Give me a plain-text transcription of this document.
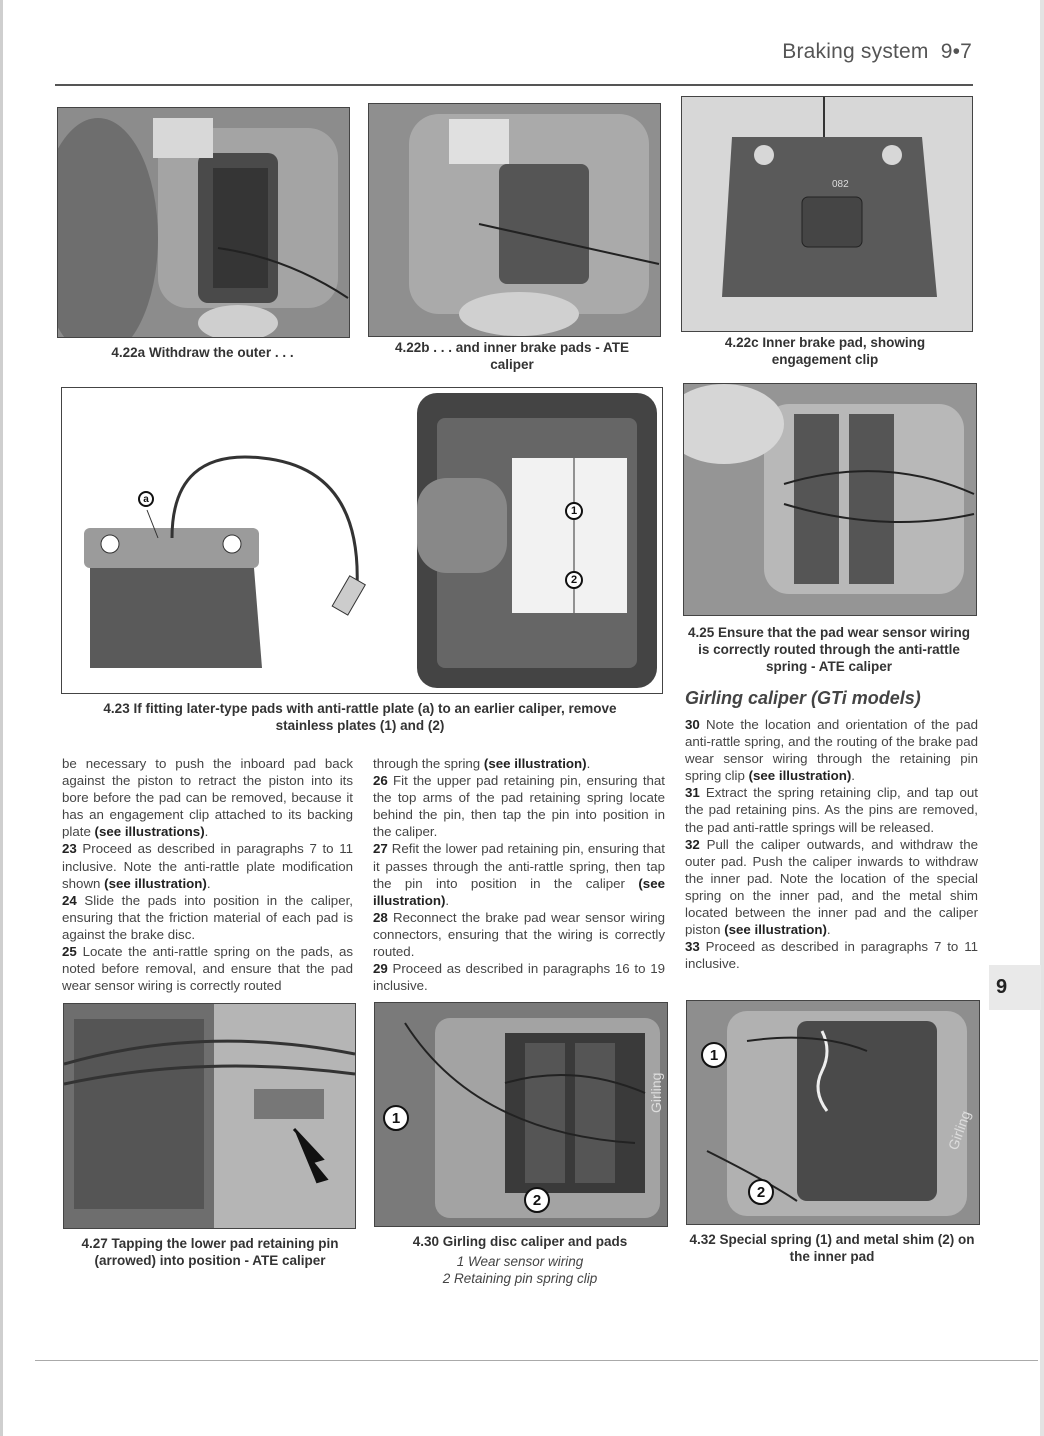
Braking system 9•7
4.22a Withdraw the outer . . .	4.22b . . . and inner brake pads - ATE caliper
082
4.22c Inner brake pad, showing engagement clip
a
1
2
4.23 If fitting later-type pads with anti-rattle plate (a) to an earlier caliper, remove stainless plates (1) and (2)
4.25 Ensure that the pad wear sensor wiring is correctly routed through the anti-rattle spring - ATE caliper
Girling caliper (GTi models)

be necessary to push the inboard pad back against the piston to retract the piston into its bore before the pad can be removed, because it has an engagement clip attached to its backing plate (see illustrations).

23 Proceed as described in paragraphs 7 to 11 inclusive. Note the anti-rattle plate modification shown (see illustration).

24 Slide the pads into position in the caliper, ensuring that the friction material of each pad is against the brake disc.

25 Locate the anti-rattle spring on the pads, as noted before removal, and ensure that the pad wear sensor wiring is correctly routed

through the spring (see illustration).

26 Fit the upper pad retaining pin, ensuring that the top arms of the pad retaining spring locate behind the pin, then tap the pin into position in the caliper.

27 Refit the lower pad retaining pin, ensuring that it passes through the anti-rattle spring, then tap the pin into position in the caliper (see illustration).

28 Reconnect the brake pad wear sensor wiring connectors, ensuring that the wiring is correctly routed.

29 Proceed as described in paragraphs 16 to 19 inclusive.

30 Note the location and orientation of the pad anti-rattle spring, and the routing of the brake pad wear sensor wiring through the retaining pin spring clip (see illustration).

31 Extract the spring retaining clip, and tap out the pad retaining pins. As the pins are removed, the pad anti-rattle springs will be released.

32 Pull the caliper outwards, and withdraw the outer pad. Push the caliper inwards to withdraw the inner pad. Note the location of the special spring on the inner pad, and the metal shim located between the inner pad and the caliper piston (see illustration).

33 Proceed as described in paragraphs 7 to 11 inclusive.

9
4.27 Tapping the lower pad retaining pin (arrowed) into position - ATE caliper
Girling
1
2
4.30 Girling disc caliper and pads
1 Wear sensor wiring
2 Retaining pin spring clip
Girling
1
2
4.32 Special spring (1) and metal shim (2) on the inner pad
